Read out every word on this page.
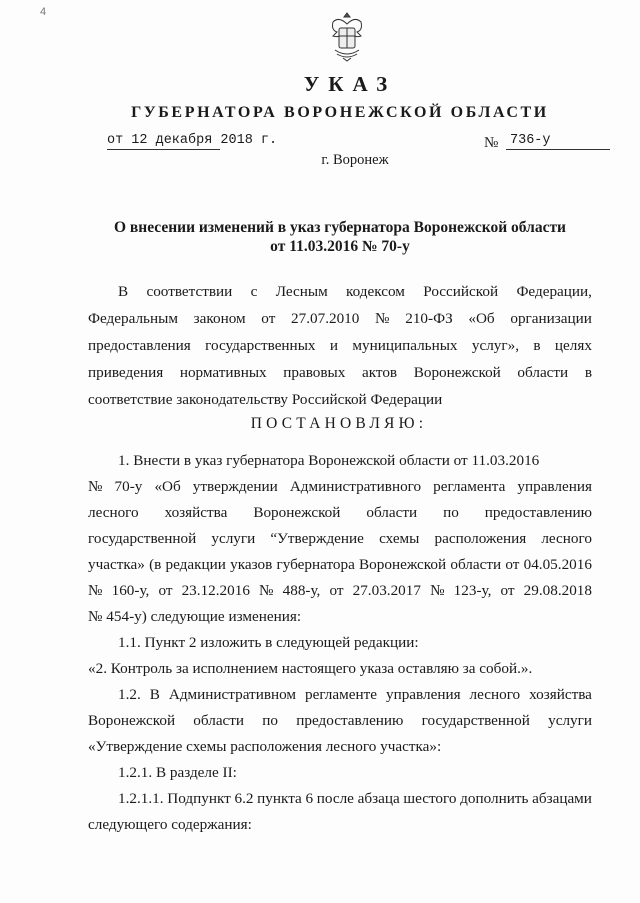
4
УКАЗ
ГУБЕРНАТОРА ВОРОНЕЖСКОЙ ОБЛАСТИ
от 12 декабря 2018 г.	№ 736-у
г. Воронеж
О внесении изменений в указ губернатора Воронежской области
от 11.03.2016 № 70-у
В соответствии с Лесным кодексом Российской Федерации,
Федеральным законом от 27.07.2010 № 210-ФЗ «Об организации
предоставления государственных и муниципальных услуг», в целях
приведения нормативных правовых актов Воронежской области в
соответствие законодательству Российской Федерации
ПОСТАНОВЛЯЮ:
1. Внести в указ губернатора Воронежской области от 11.03.2016
№ 70-у «Об утверждении Административного регламента управления
лесного хозяйства Воронежской области по предоставлению
государственной услуги “Утверждение схемы расположения лесного
участка» (в редакции указов губернатора Воронежской области от 04.05.2016
№ 160-у, от 23.12.2016 № 488-у, от 27.03.2017 № 123-у, от 29.08.2018
№ 454-у) следующие изменения:
1.1. Пункт 2 изложить в следующей редакции:
«2. Контроль за исполнением настоящего указа оставляю за собой.».
1.2. В Административном регламенте управления лесного хозяйства
Воронежской области по предоставлению государственной услуги
«Утверждение схемы расположения лесного участка»:
1.2.1. В разделе II:
1.2.1.1. Подпункт 6.2 пункта 6 после абзаца шестого дополнить абзацами
следующего содержания:
